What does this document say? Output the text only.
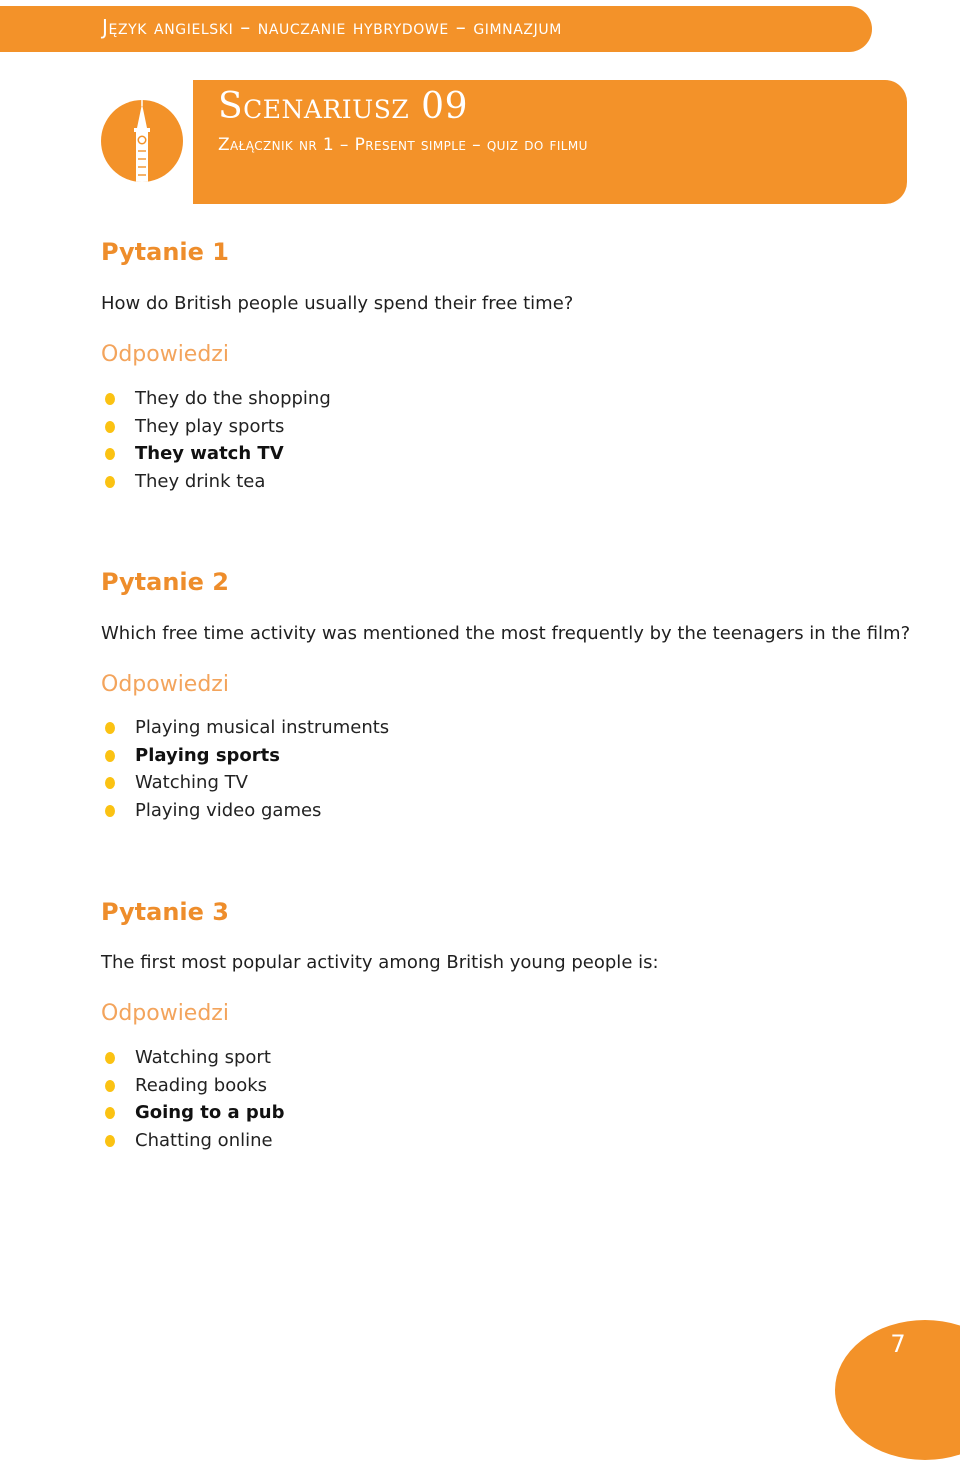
Język angielski – nauczanie hybrydowe – gimnazjum
Scenariusz 09
Załącznik nr 1 – Present simple – quiz do filmu
Pytanie 1
How do British people usually spend their free time?
Odpowiedzi
They do the shopping
They play sports
They watch TV
They drink tea
Pytanie 2
Which free time activity was mentioned the most frequently by the teenagers in the film?
Odpowiedzi
Playing musical instruments
Playing sports
Watching TV
Playing video games
Pytanie 3
The first most popular activity among British young people is:
Odpowiedzi
Watching sport
Reading books
Going to a pub
Chatting online
7
